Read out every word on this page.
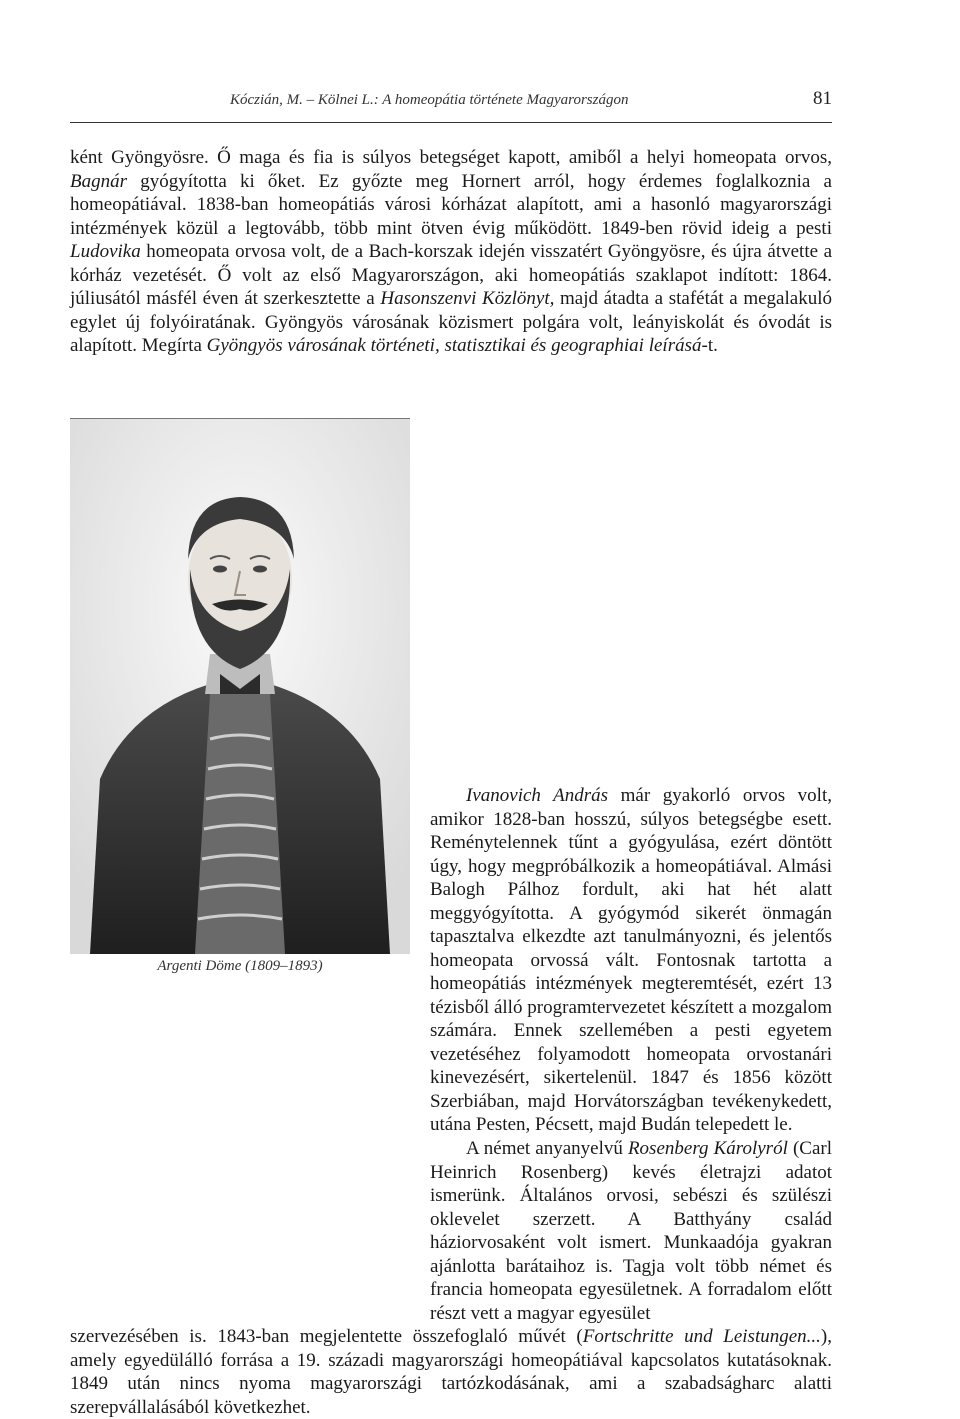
Kóczián, M. – Kölnei L.: A homeopátia története Magyarországon	81

ként Gyöngyösre. Ő maga és fia is súlyos betegséget kapott, amiből a helyi homeopata orvos, Bagnár gyógyította ki őket. Ez győzte meg Hornert arról, hogy érdemes foglalkoznia a homeopátiával. 1838-ban homeopátiás városi kórházat alapított, ami a hasonló magyarországi intézmények közül a legtovább, több mint ötven évig működött. 1849-ben rövid ideig a pesti Ludovika homeopata orvosa volt, de a Bach-korszak idején visszatért Gyöngyösre, és újra átvette a kórház vezetését. Ő volt az első Magyarországon, aki homeopátiás szaklapot indított: 1864. júliusától másfél éven át szerkesztette a Hasonszenvi Közlönyt, majd átadta a stafétát a megalakuló egylet új folyóiratának. Gyöngyös városának közismert polgára volt, leányiskolát és óvodát is alapított. Megírta Gyöngyös városának történeti, statisztikai és geographiai leírásá-t.

Argenti Döme (1809–1893)

Ivanovich András már gyakorló orvos volt, amikor 1828-ban hosszú, súlyos betegségbe esett. Reménytelennek tűnt a gyógyulása, ezért döntött úgy, hogy megpróbálkozik a homeopátiával. Almási Balogh Pálhoz fordult, aki hat hét alatt meggyógyította. A gyógymód sikerét önmagán tapasztalva elkezdte azt tanulmányozni, és jelentős homeopata orvossá vált. Fontosnak tartotta a homeopátiás intézmények megteremtését, ezért 13 tézisből álló programtervezetet készített a mozgalom számára. Ennek szellemében a pesti egyetem vezetéséhez folyamodott homeopata orvostanári kinevezésért, sikertelenül. 1847 és 1856 között Szerbiában, majd Horvátországban tevékenykedett, utána Pesten, Pécsett, majd Budán telepedett le.

A német anyanyelvű Rosenberg Károlyról (Carl Heinrich Rosenberg) kevés életrajzi adatot ismerünk. Általános orvosi, sebészi és szülészi oklevelet szerzett. A Batthyány család háziorvosaként volt ismert. Munkaadója gyakran ajánlotta barátaihoz is. Tagja volt több német és francia homeopata egyesületnek. A forradalom előtt részt vett a magyar egyesület

szervezésében is. 1843-ban megjelentette összefoglaló művét (Fortschritte und Leistungen...), amely egyedülálló forrása a 19. századi magyarországi homeopátiával kapcsolatos kutatásoknak. 1849 után nincs nyoma magyarországi tartózkodásának, ami a szabadságharc alatti szerepvállalásából következhet.
